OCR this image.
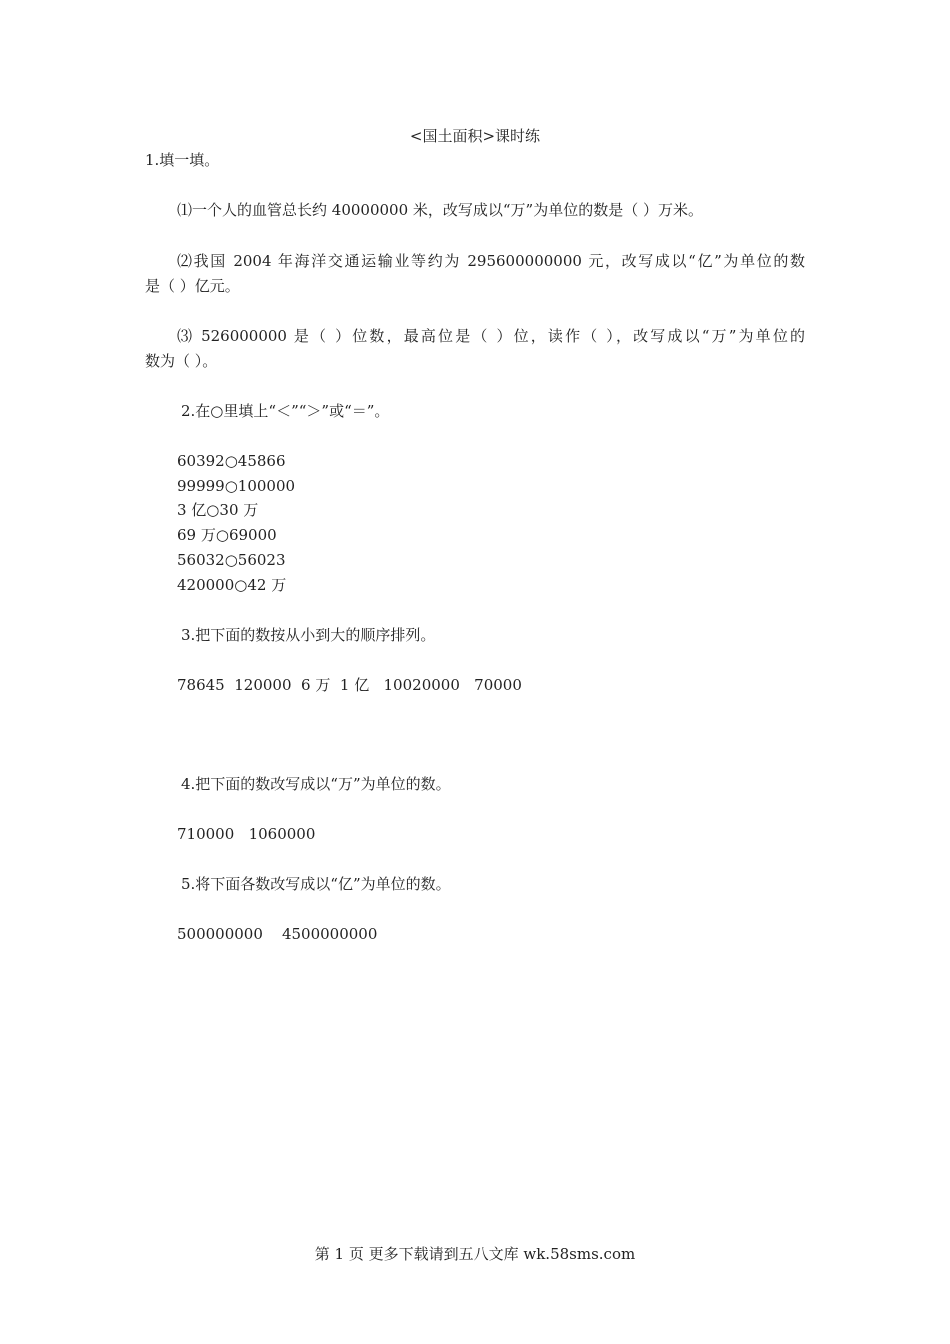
<国土面积>课时练
1.填一填。
⑴一个人的血管总长约 40000000 米，改写成以“万”为单位的数是（ ）万米。
⑵我国 2004 年海洋交通运输业等约为 295600000000 元，改写成以“亿”为单位的数
是（ ）亿元。
⑶ 526000000 是（ ）位数，最高位是（ ）位，读作（ ），改写成以“万”为单位的
数为（ ）。
2.在○里填上“＜”“＞”或“＝”。
60392○45866
99999○100000
3 亿○30 万
69 万○69000
56032○56023
420000○42 万
3.把下面的数按从小到大的顺序排列。
78645  120000  6 万  1 亿   10020000   70000
4.把下面的数改写成以“万”为单位的数。
710000   1060000
5.将下面各数改写成以“亿”为单位的数。
500000000    4500000000
第 1 页 更多下载请到五八文库 wk.58sms.com
